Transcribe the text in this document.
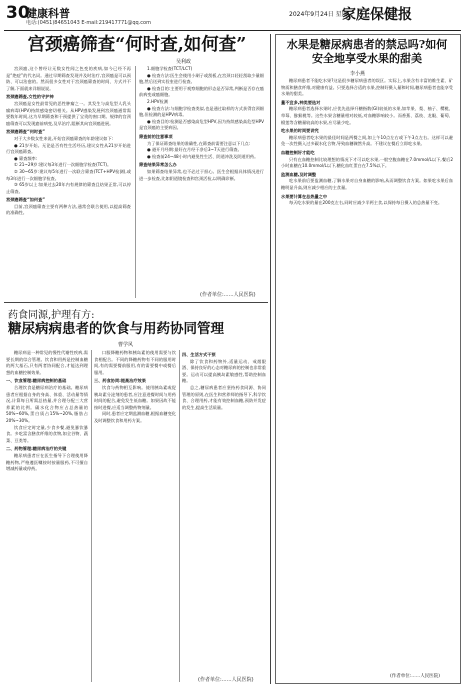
30
健康科普
电话:(0451)84651043 E-mail:219417771@qq.com
2024年9月24日 星期二
家庭保健报
宫颈癌筛查“何时查,如何查”
吴利政

宫颈癌,这个曾经让无数女性闻之色变的疾病,如今已经不再是“绝症”的代名词。通过早期筛查发现并及时治疗,宫颈癌是可以预防、可以治愈的。然而很多女性对于宫颈癌筛查的时间、方式并不了解,下面就来详细说说。

宫颈癌筛查,女性的守护神

宫颈癌是女性最常见的恶性肿瘤之一。其发生与高危型人乳头瘤病毒(HPV)持续感染密切相关。从HPV感染发展到宫颈癌通常需要数年时间,这为早期筛查和干预提供了宝贵的窗口期。规律的宫颈癌筛查可以发现癌前病变,及早治疗,阻断其向宫颈癌进展。

宫颈癌筛查“何时查”

对于大多数女性来说,开始宫颈癌筛查的年龄建议如下:

● 21岁开始。无论是否有性生活经历,建议女性从21岁开始进行宫颈癌筛查。

● 筛查频率:

① 21~29岁:建议每3年进行一次细胞学检查(TCT)。

② 30~65岁:建议每5年进行一次联合筛查(TCT+HPV检测),或每3年进行一次细胞学检查。

③ 65岁以上:如果过去20年内有规律的筛查且结果正常,可以停止筛查。

宫颈癌筛查“如何查”

目前,宫颈癌筛查主要有两种方法,通常会联合使用,以提高筛查的准确性。

1.细胞学检查(TCT/LCT)

● 检查方法:医生会使用小刷子或刮板,在宫颈口轻轻刮取少量细胞,然后送到实验室进行检查。

● 检查目的:主要用于观察细胞的形态是否异常,判断是否存在癌前病变或癌细胞。

2.HPV检测

● 检查方法:与细胞学检查类似,也是通过取样的方式获得宫颈细胞,但检测的是HPV病毒。

● 检查目的:检测是否感染高危型HPV,因为持续感染高危型HPV是宫颈癌的主要病因。

筛查前的注意事项

为了保证筛查结果的准确性,在筛查前需要注意以下几点:

● 避开月经期:最好在月经干净后3~7天进行筛查。

● 检查前24~48小时内避免性生活、阴道冲洗及阴道用药。

筛查结果异常怎么办

如果筛查结果异常,也不必过于担心。医生会根据具体情况进行进一步检查,比如阴道镜检查和宫颈活检,以明确诊断。

(作者单位:……人民医院)
水果是糖尿病患者的禁忌吗?如何安全地享受水果的甜美
李小燕

糖尿病患者不能吃水果?这是很多糖尿病患者的误区。实际上,水果含有丰富的维生素、矿物质和膳食纤维,对健康有益。只要选择合适的水果,控制好摄入量和时间,糖尿病患者也能享受水果的甜美。

量不宜多,种类要选对

糖尿病患者选择水果时,应优先选择升糖指数(GI)较低的水果,如苹果、梨、柚子、樱桃、草莓、猕猴桃等。这些水果含糖量相对较低,对血糖影响较小。而香蕉、荔枝、龙眼、葡萄、榴莲等含糖量较高的水果,应尽量少吃。

吃水果的时间要讲究

糖尿病患者吃水果的最佳时间是两餐之间,如上午10点左右或下午3点左右。这样可以避免一次性摄入过多碳水化合物,导致血糖骤然升高。不建议在餐后立即吃水果。

血糖控制好才能吃

只有在血糖控制比较理想的情况下才可以吃水果,一般空腹血糖在7.0mmol/L以下,餐后2小时血糖在10.0mmol/L以下,糖化血红蛋白在7.5%以下。

监测血糖,及时调整

吃水果前后要监测血糖,了解水果对自身血糖的影响,从而调整饮食方案。如果吃水果后血糖明显升高,则应减少相应的主食量。

水果要计算在总热量之中

每天吃水果的量在200克左右,同时应减少半两主食,以保持每日摄入的总热量不变。

(作者单位:……人民医院)
药食同源,护理有方:
糖尿病病患者的饮食与用药协同管理
曹学风

糖尿病是一种常见的慢性代谢性疾病,需要长期的综合管理。饮食和用药是控制血糖的两大基石,只有两者协同配合,才能达到理想的血糖控制效果。

一、饮食管理:糖尿病控制的基础

合理饮食是糖尿病治疗的基础。糖尿病患者应根据自身的身高、体重、活动量等情况,计算每日所需总热量,并合理分配三大营养素的比例。碳水化合物应占总热量的50%~60%,蛋白质占15%~20%,脂肪占20%~30%。

饮食应定时定量,少食多餐,避免暴饮暴食。多吃富含膳食纤维的食物,如全谷物、蔬菜、豆类等。

二、药物管理:糖尿病治疗的关键

糖尿病患者应在医生指导下合理使用降糖药物,严格遵医嘱按时按量服药,不可擅自增减药量或停药。

口服降糖药物和胰岛素的使用需要与饮食相配合。不同的降糖药物有不同的服用时间,有的需要餐前服用,有的需要餐中或餐后服用。

三、药食协同:提高治疗效果

饮食与药物相互影响。使用胰岛素或促胰岛素分泌剂的患者,应注意进餐时间与用药时间的配合,避免发生低血糖。如果因故不能按时进餐,应适当调整药物剂量。

同时,患者应定期监测血糖,根据血糖变化及时调整饮食和用药方案。

四、生活方式干预

除了饮食和药物外,适量运动、戒烟限酒、保持良好的心态对糖尿病的控制也非常重要。运动可以提高胰岛素敏感性,帮助控制血糖。

总之,糖尿病患者应坚持药食同源、协同管理的原则,在医生和营养师的指导下,科学饮食、合理用药,才能有效控制血糖,预防并发症的发生,提高生活质量。

(作者单位:……人民医院)
